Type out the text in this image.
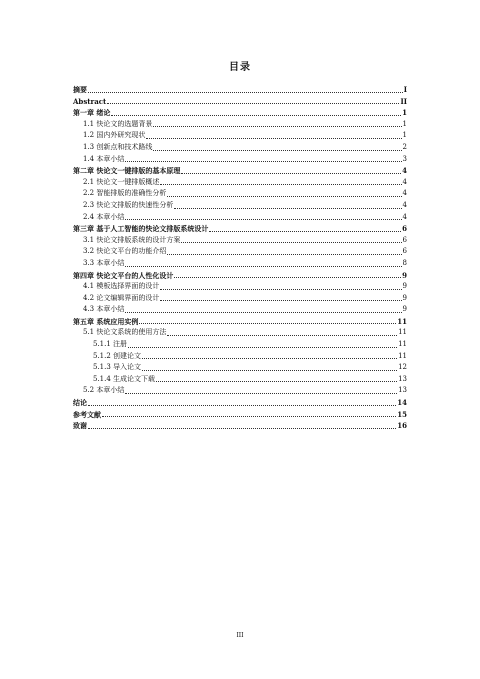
目录
摘要	I
Abstract	II
第一章 绪论	1
1.1 快论文的选题背景	1
1.2 国内外研究现状	1
1.3 创新点和技术路线	2
1.4 本章小结	3
第二章 快论文一键排版的基本原理	4
2.1 快论文一键排版概述	4
2.2 智能排版的准确性分析	4
2.3 快论文排版的快速性分析	4
2.4 本章小结	4
第三章 基于人工智能的快论文排版系统设计	6
3.1 快论文排版系统的设计方案	6
3.2 快论文平台的功能介绍	6
3.3 本章小结	8
第四章 快论文平台的人性化设计	9
4.1 模板选择界面的设计	9
4.2 论文编辑界面的设计	9
4.3 本章小结	9
第五章 系统应用实例	11
5.1 快论文系统的使用方法	11
5.1.1 注册	11
5.1.2 创建论文	11
5.1.3 导入论文	12
5.1.4 生成论文下载	13
5.2 本章小结	13
结论	14
参考文献	15
致谢	16
III
